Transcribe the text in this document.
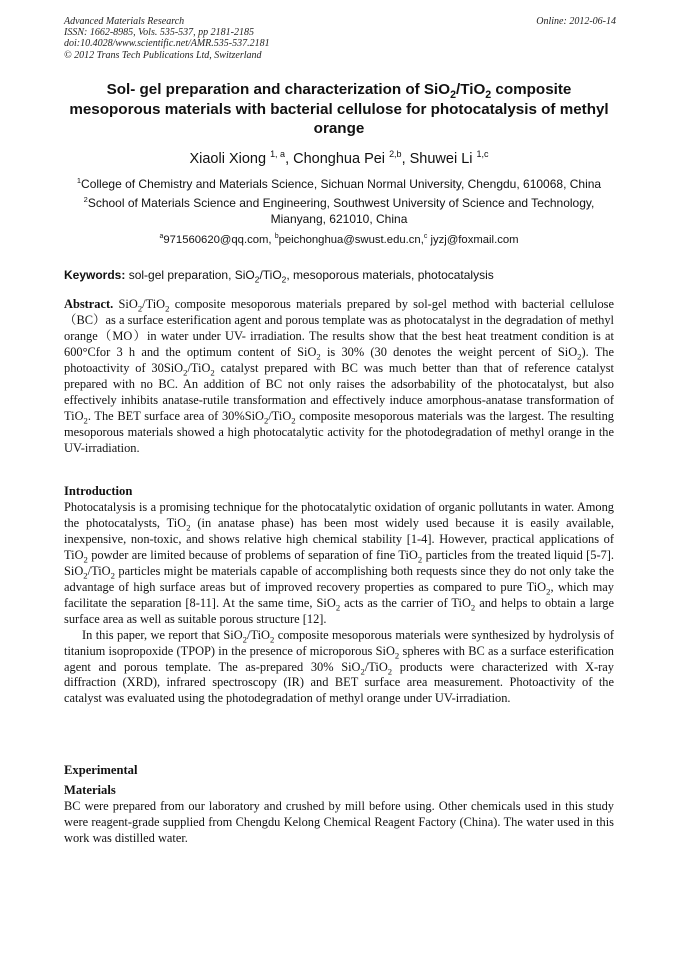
Advanced Materials Research
ISSN: 1662-8985, Vols. 535-537, pp 2181-2185
doi:10.4028/www.scientific.net/AMR.535-537.2181
© 2012 Trans Tech Publications Ltd, Switzerland
Online: 2012-06-14
Sol- gel preparation and characterization of SiO$_2$/TiO$_2$ composite mesoporous materials with bacterial cellulose for photocatalysis of methyl orange
Xiaoli Xiong $^{1, a}$, Chonghua Pei $^{2,b}$, Shuwei Li $^{1,c}$
$^1$College of Chemistry and Materials Science, Sichuan Normal University, Chengdu, 610068, China
$^2$School of Materials Science and Engineering, Southwest University of Science and Technology, Mianyang, 621010, China
$^a$971560620@qq.com, $^b$peichonghua@swust.edu.cn,$^c$ jyzj@foxmail.com
Keywords: sol-gel preparation, SiO$_2$/TiO$_2$, mesoporous materials, photocatalysis
Abstract. SiO$_2$/TiO$_2$ composite mesoporous materials prepared by sol-gel method with bacterial cellulose（BC）as a surface esterification agent and porous template was as photocatalyst in the degradation of methyl orange（MO）in water under UV- irradiation. The results show that the best heat treatment condition is at 600°Cfor 3 h and the optimum content of SiO$_2$ is 30% (30 denotes the weight percent of SiO$_2$). The photoactivity of 30SiO$_2$/TiO$_2$ catalyst prepared with BC was much better than that of reference catalyst prepared with no BC. An addition of BC not only raises the adsorbability of the photocatalyst, but also effectively inhibits anatase-rutile transformation and effectively induce amorphous-anatase transformation of TiO$_2$. The BET surface area of 30%SiO$_2$/TiO$_2$ composite mesoporous materials was the largest. The resulting mesoporous materials showed a high photocatalytic activity for the photodegradation of methyl orange in the UV-irradiation.
Introduction

Photocatalysis is a promising technique for the photocatalytic oxidation of organic pollutants in water. Among the photocatalysts, TiO$_2$ (in anatase phase) has been most widely used because it is easily available, inexpensive, non-toxic, and shows relative high chemical stability [1-4]. However, practical applications of TiO$_2$ powder are limited because of problems of separation of fine TiO$_2$ particles from the treated liquid [5-7]. SiO$_2$/TiO$_2$ particles might be materials capable of accomplishing both requests since they do not only take the advantage of high surface areas but of improved recovery properties as compared to pure TiO$_2$, which may facilitate the separation [8-11]. At the same time, SiO$_2$ acts as the carrier of TiO$_2$ and helps to obtain a large surface area as well as suitable porous structure [12].

In this paper, we report that SiO$_2$/TiO$_2$ composite mesoporous materials were synthesized by hydrolysis of titanium isopropoxide (TPOP) in the presence of microporous SiO$_2$ spheres with BC as a surface esterification agent and porous template. The as-prepared 30% SiO$_2$/TiO$_2$ products were characterized with X-ray diffraction (XRD), infrared spectroscopy (IR) and BET surface area measurement. Photoactivity of the catalyst was evaluated using the photodegradation of methyl orange under UV-irradiation.

Experimental
Materials
BC were prepared from our laboratory and crushed by mill before using. Other chemicals used in this study were reagent-grade supplied from Chengdu Kelong Chemical Reagent Factory (China). The water used in this work was distilled water.
